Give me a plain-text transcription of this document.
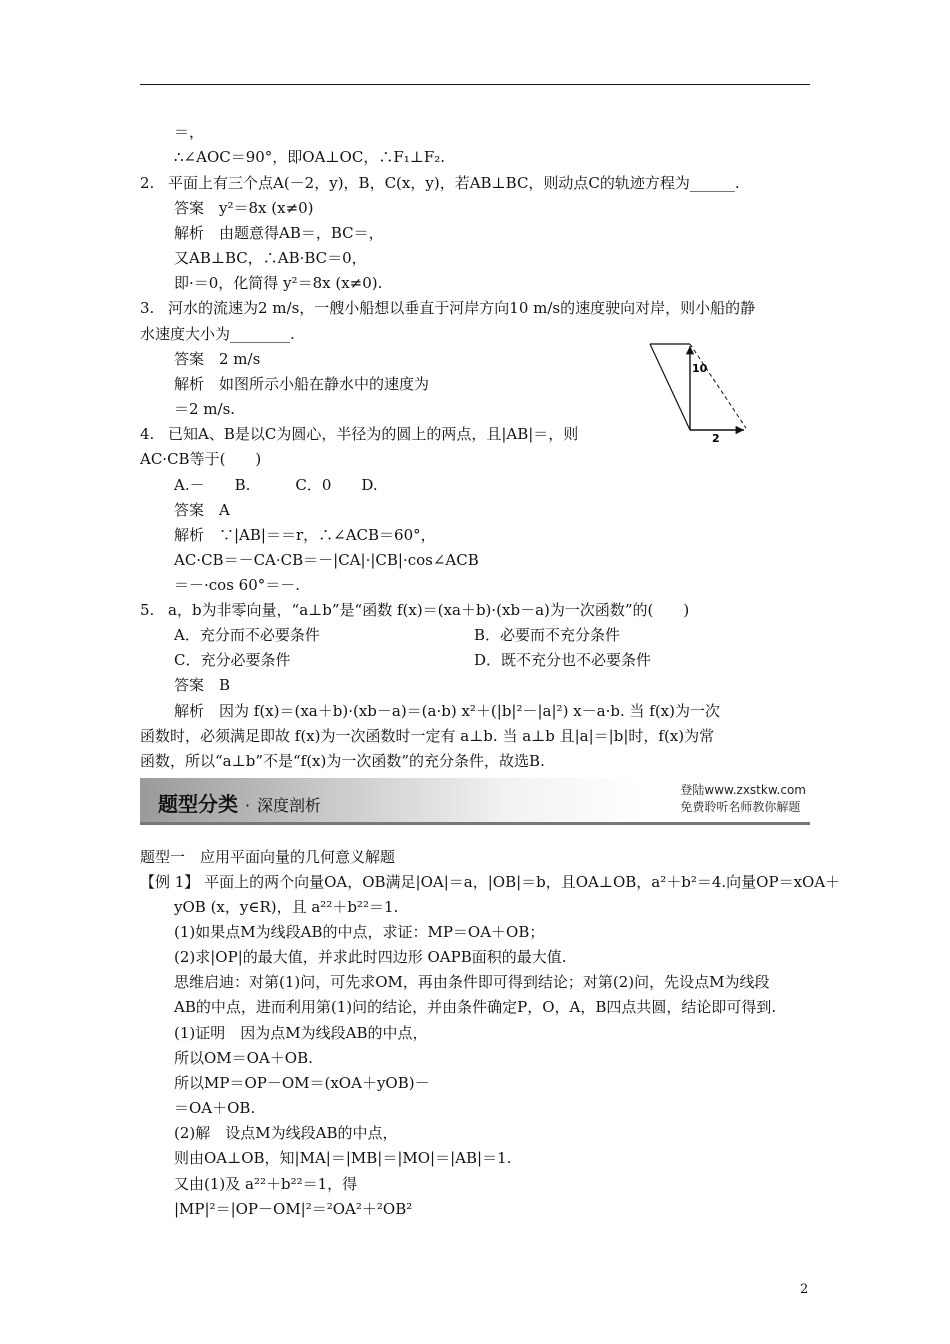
＝，
∴∠AOC＝90°，即OA⊥OC，∴F₁⊥F₂.
2. 平面上有三个点A(－2，y)，B，C(x，y)，若AB⊥BC，则动点C的轨迹方程为______.
答案　y²＝8x (x≠0)
解析　由题意得AB＝，BC＝，
又AB⊥BC，∴AB·BC＝0，
即·＝0，化简得 y²＝8x (x≠0).
3. 河水的流速为2 m/s，一艘小船想以垂直于河岸方向10 m/s的速度驶向对岸，则小船的静
水速度大小为________.
答案　2 m/s
解析　如图所示小船在静水中的速度为
＝2 m/s.
4. 已知A、B是以C为圆心，半径为的圆上的两点，且|AB|＝，则
AC·CB等于(　　)
A.－　　B.　　　C．0　　D.
答案　A
解析　∵|AB|＝＝r，∴∠ACB＝60°，
AC·CB＝－CA·CB＝－|CA|·|CB|·cos∠ACB
＝－·cos 60°＝－.
5. a，b为非零向量，“a⊥b”是“函数 f(x)＝(xa＋b)·(xb－a)为一次函数”的(　　)
A．充分而不必要条件	B．必要而不充分条件
C．充分必要条件	D．既不充分也不必要条件
答案　B
解析　因为 f(x)＝(xa＋b)·(xb－a)＝(a·b) x²＋(|b|²－|a|²) x－a·b. 当 f(x)为一次
函数时，必须满足即故 f(x)为一次函数时一定有 a⊥b. 当 a⊥b 且|a|＝|b|时，f(x)为常
函数，所以“a⊥b”不是“f(x)为一次函数”的充分条件，故选B.
题型一　应用平面向量的几何意义解题
【例 1】 平面上的两个向量OA，OB满足|OA|＝a，|OB|＝b，且OA⊥OB，a²＋b²＝4.向量OP＝xOA＋
yOB (x，y∈R)，且 a²²＋b²²＝1.
(1)如果点M为线段AB的中点，求证：MP＝OA＋OB；
(2)求|OP|的最大值，并求此时四边形 OAPB面积的最大值.
思维启迪：对第(1)问，可先求OM，再由条件即可得到结论；对第(2)问，先设点M为线段
AB的中点，进而利用第(1)问的结论，并由条件确定P，O，A，B四点共圆，结论即可得到.
(1)证明　因为点M为线段AB的中点，
所以OM＝OA＋OB.
所以MP＝OP－OM＝(xOA＋yOB)－
＝OA＋OB.
(2)解　设点M为线段AB的中点，
则由OA⊥OB，知|MA|＝|MB|＝|MO|＝|AB|＝1.
又由(1)及 a²²＋b²²＝1，得
|MP|²＝|OP－OM|²＝²OA²＋²OB²
10
2
题型分类 · 深度剖析
登陆www.zxstkw.com
免费聆听名师教你解题
2
